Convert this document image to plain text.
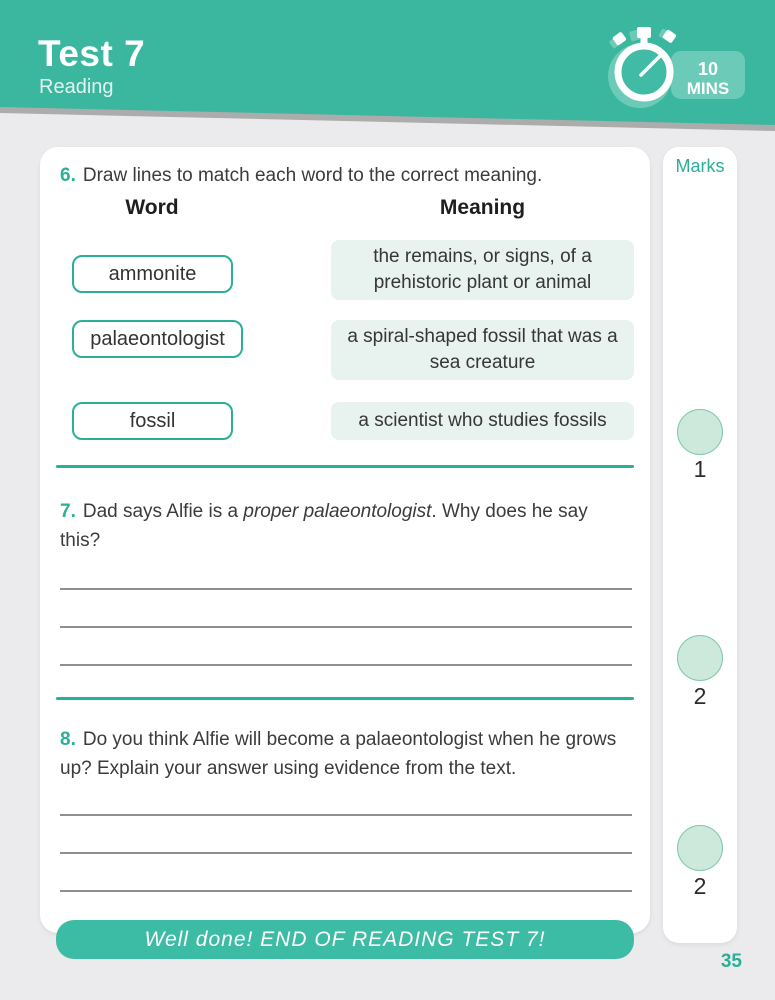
Test 7
Reading
10
MINS
6. Draw lines to match each word to the correct meaning.
Word	Meaning
ammonite
palaeontologist
fossil
the remains, or signs, of a prehistoric plant or animal
a spiral-shaped fossil that was a sea creature
a scientist who studies fossils
7. Dad says Alfie is a proper palaeontologist. Why does he say this?
8. Do you think Alfie will become a palaeontologist when he grows up? Explain your answer using evidence from the text.
Marks
1
2
2
Well done! END OF READING TEST 7!
35
